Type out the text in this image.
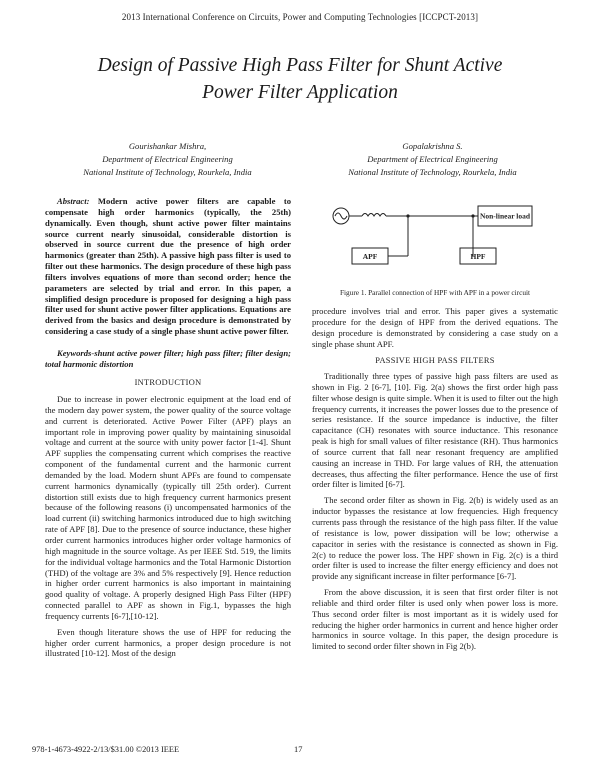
2013 International Conference on Circuits, Power and Computing Technologies [ICCPCT-2013]
Design of Passive High Pass Filter for Shunt Active
Power Filter Application
Gourishankar Mishra,
Department of Electrical Engineering
National Institute of Technology, Rourkela, India
Gopalakrishna S.
Department of Electrical Engineering
National Institute of Technology, Rourkela, India

Abstract: Modern active power filters are capable to compensate high order harmonics (typically, the 25th) dynamically. Even though, shunt active power filter maintains source current nearly sinusoidal, considerable distortion is observed in source current due the presence of high order harmonics (greater than 25th). A passive high pass filter is used to filter out these harmonics. The design procedure of these high pass filters involves equations of more than second order; hence the parameters are selected by trial and error. In this paper, a simplified design procedure is proposed for designing a high pass filter used for shunt active power filter applications. Equations are derived from the basics and design procedure is demonstrated by considering a case study of a single phase shunt active power filter.

Keywords-shunt active power filter; high pass filter; filter design; total harmonic distortion
INTRODUCTION

Due to increase in power electronic equipment at the load end of the modern day power system, the power quality of the source voltage and current is deteriorated. Active Power Filter (APF) plays an important role in improving power quality by maintaining sinusoidal voltage and current at the source with unity power factor [1-4]. Shunt APF supplies the compensating current which comprises the reactive component of the fundamental current and the harmonic current demanded by the load. Modern shunt APFs are found to compensate current harmonics dynamically (typically till 25th order). Current distortion still exists due to high frequency current harmonics present because of the following reasons (i) uncompensated harmonics of the load current (ii) switching harmonics introduced due to high switching rate of APF [8]. Due to the presence of source inductance, these higher order current harmonics introduces higher order voltage harmonics of high magnitude in the source voltage. As per IEEE Std. 519, the limits for the individual voltage harmonics and the Total Harmonic Distortion (THD) of the voltage are 3% and 5% respectively [9]. Hence reduction in higher order current harmonics is also important in maintaining good quality of voltage. A properly designed High Pass Filter (HPF) connected parallel to APF as shown in Fig.1, bypasses the high frequency currents [6-7],[10-12].

Even though literature shows the use of HPF for reducing the higher order current harmonics, a proper design procedure is not illustrated [10-12]. Most of the design

Non-linear load
APF	HPF
Figure 1. Parallel connection of HPF with APF in a power circuit

procedure involves trial and error. This paper gives a systematic procedure for the design of HPF from the derived equations. The design procedure is demonstrated by considering a case study on a single phase shunt APF.

PASSIVE HIGH PASS FILTERS

Traditionally three types of passive high pass filters are used as shown in Fig. 2 [6-7], [10]. Fig. 2(a) shows the first order high pass filter whose design is quite simple. When it is used to filter out the high frequency currents, it increases the power losses due to the presence of series resistance. If the source impedance is inductive, the filter capacitance (CH) resonates with source inductance. This resonance peak is high for small values of filter resistance (RH). Thus harmonics of source current that fall near resonant frequency are amplified causing an increase in THD. For large values of RH, the attenuation decreases, thus affecting the filter performance. Hence the use of first order filter is limited [6-7].

The second order filter as shown in Fig. 2(b) is widely used as an inductor bypasses the resistance at low frequencies. High frequency currents pass through the resistance of the high pass filter. If the value of resistance is low, power dissipation will be low; otherwise a capacitor in series with the resistance is connected as shown in Fig. 2(c) to reduce the power loss. The HPF shown in Fig. 2(c) is a third order filter is used to increase the filter energy efficiency and does not provide any significant increase in filter performance [6-7].

From the above discussion, it is seen that first order filter is not reliable and third order filter is used only when power loss is more. Thus second order filter is most important as it is widely used for reducing the higher order harmonics in current and hence higher order harmonics in source voltage. In this paper, the design procedure is limited to second order filter shown in Fig 2(b).

978-1-4673-4922-2/13/$31.00 ©2013 IEEE	17
